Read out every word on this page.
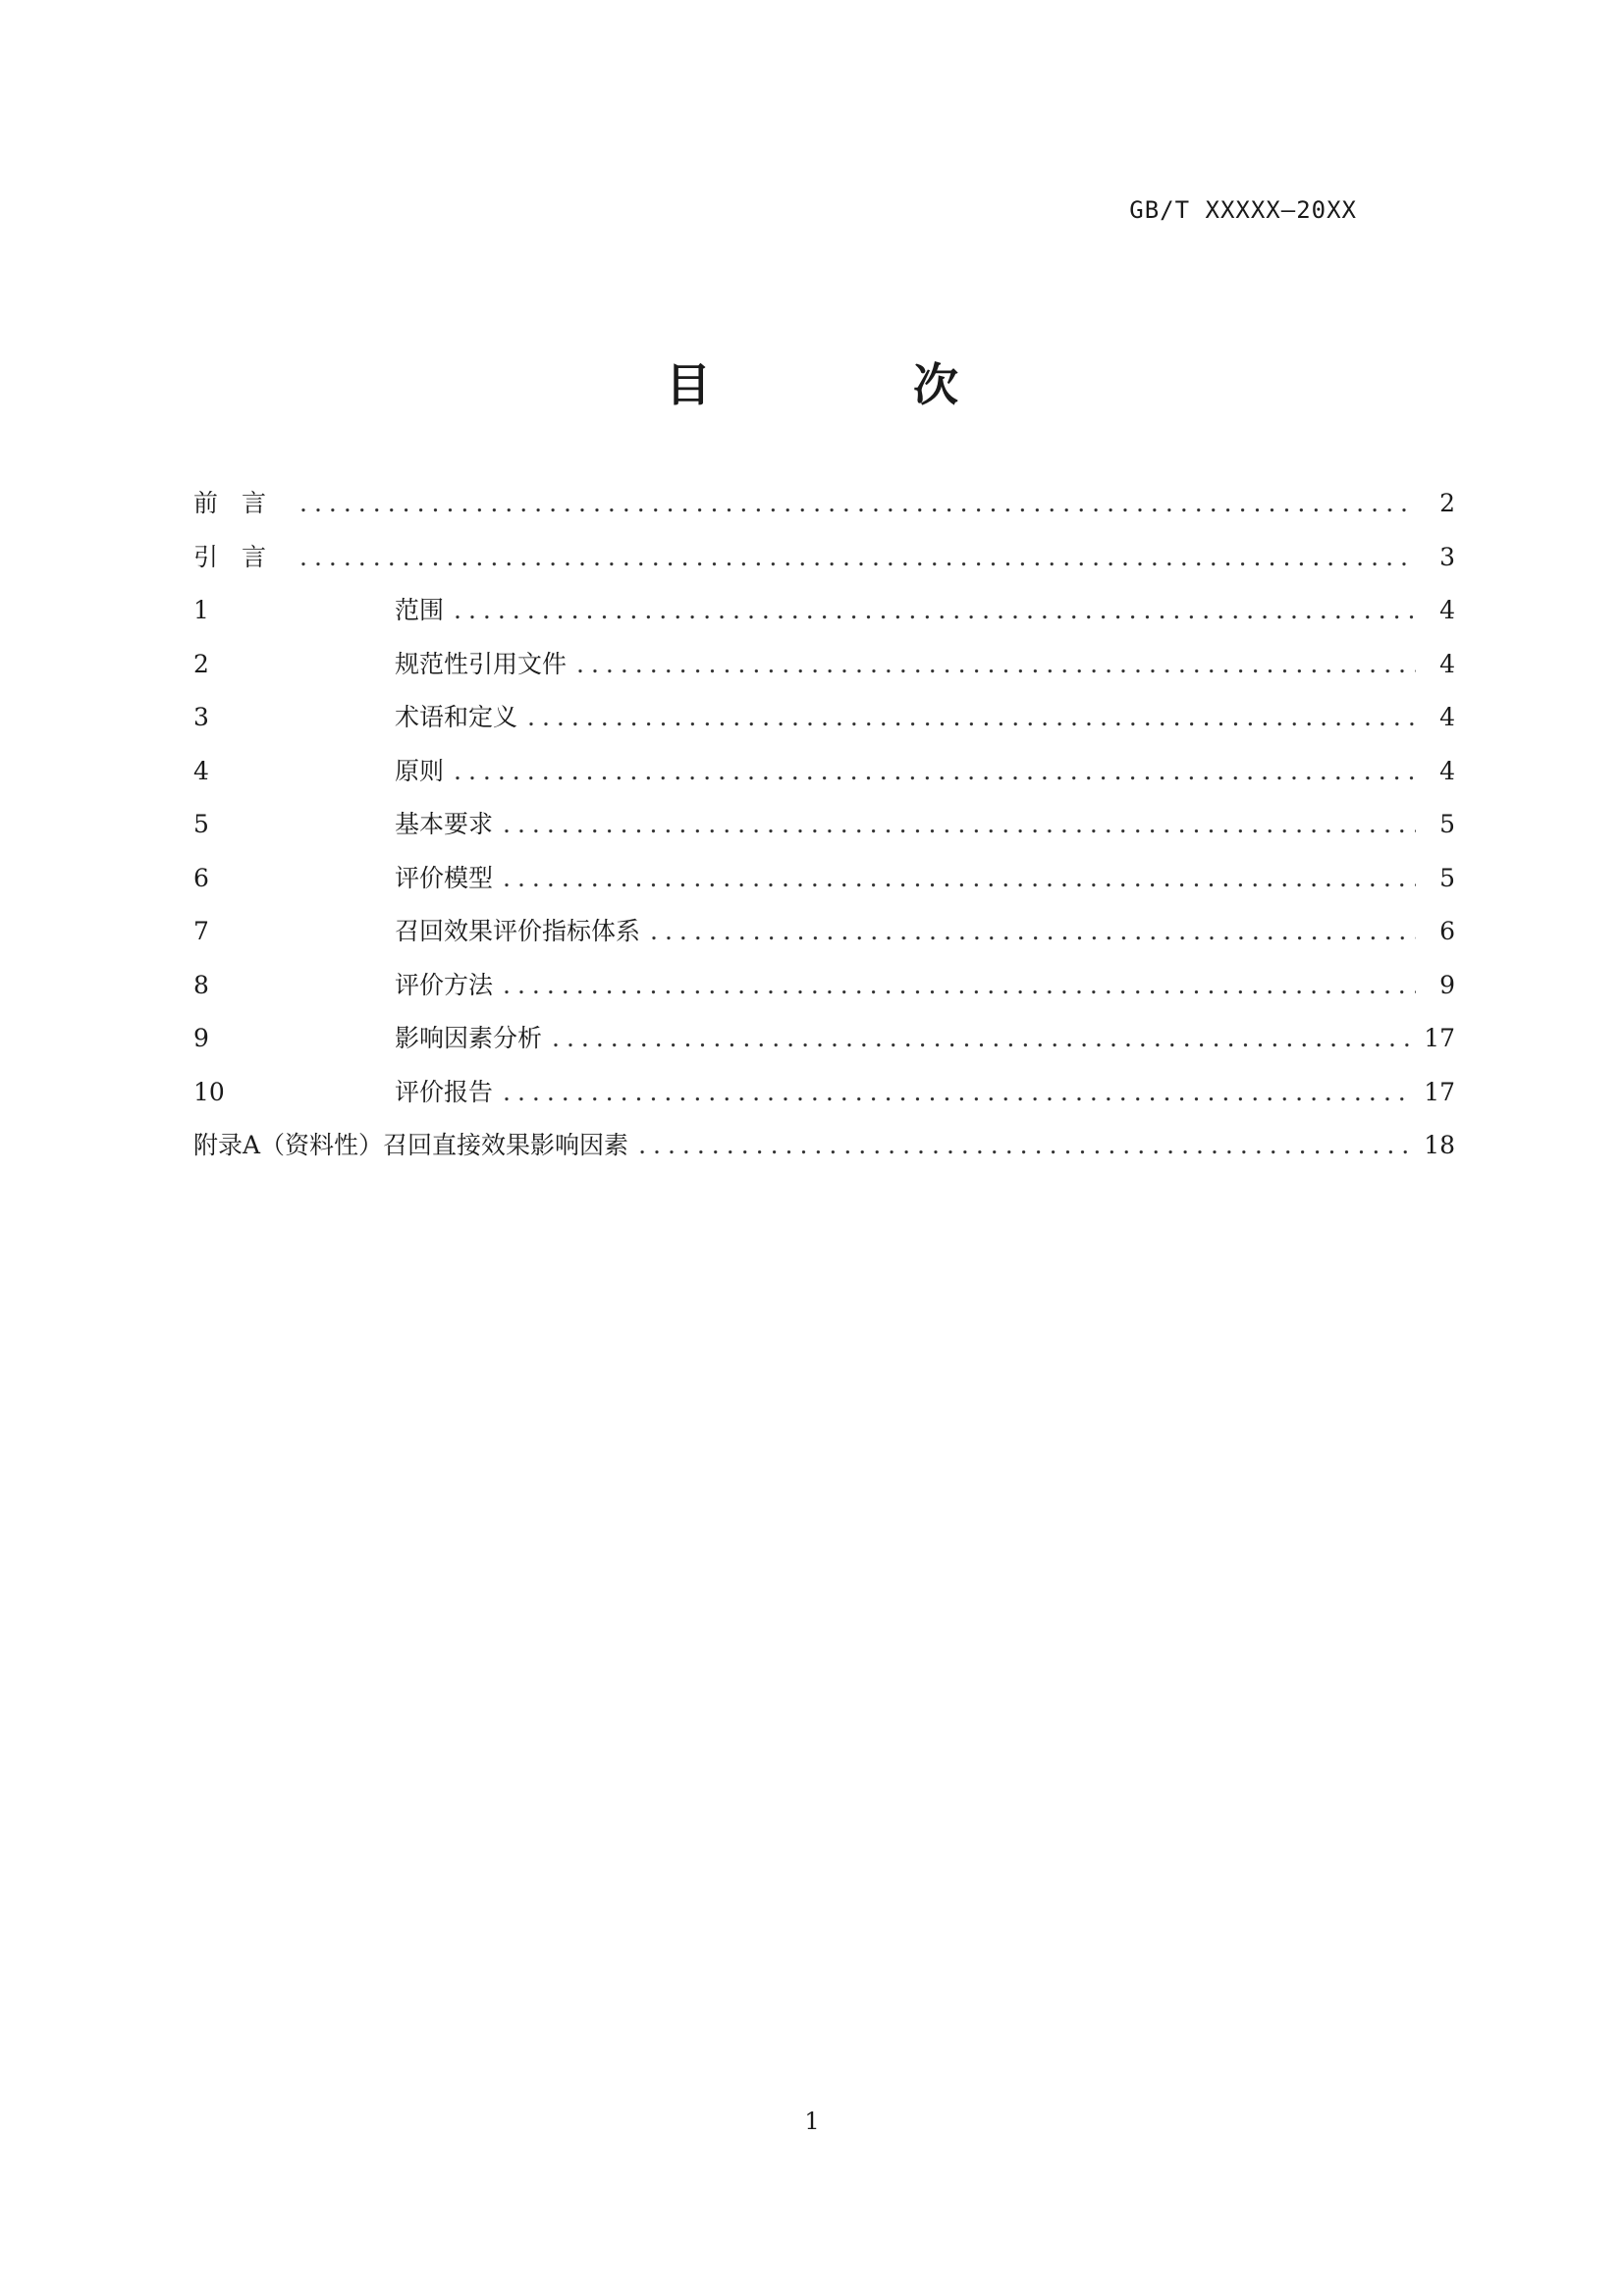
GB/T XXXXX—20XX
目　次
前言 .....	2
引言 .....	3
1	范围 .....	4
2	规范性引用文件 .....	4
3	术语和定义 .....	4
4	原则 .....	4
5	基本要求 .....	5
6	评价模型 .....	5
7	召回效果评价指标体系 .....	6
8	评价方法 .....	9
9	影响因素分析 .....	17
10	评价报告 .....	17
附录A（资料性）召回直接效果影响因素 .....	18
1
